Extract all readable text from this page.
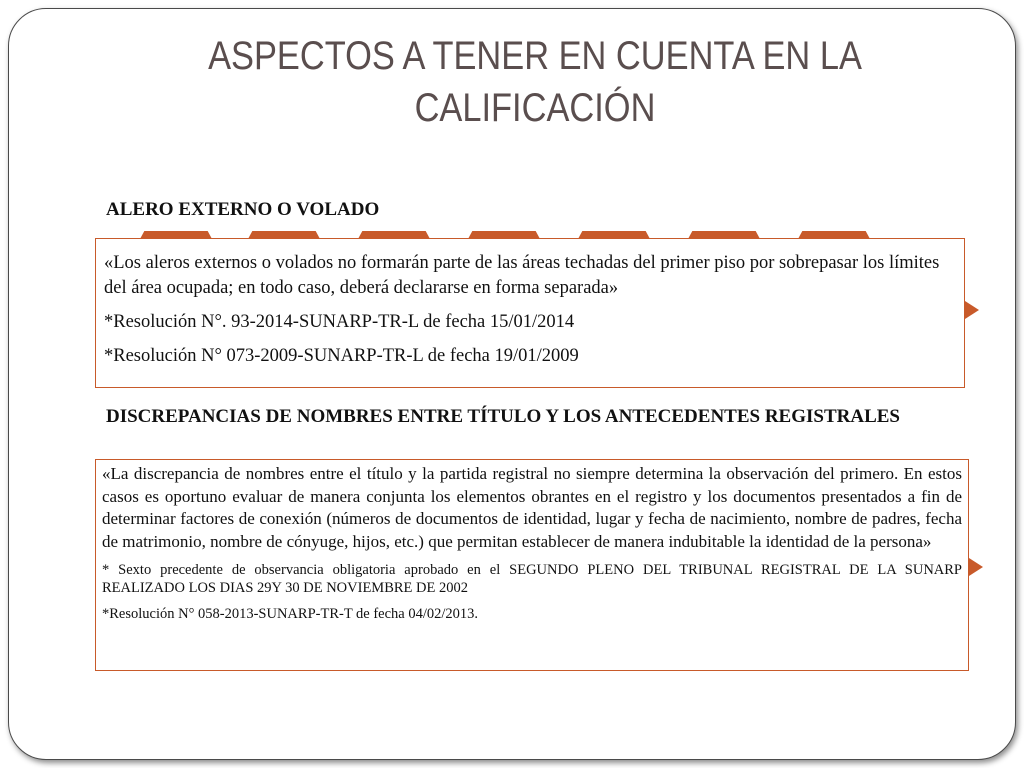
ASPECTOS A TENER EN CUENTA EN LA CALIFICACIÓN
ALERO EXTERNO O VOLADO

«Los aleros externos o volados no formarán parte de las áreas techadas del primer piso por sobrepasar los límites del área ocupada; en todo caso, deberá declararse en forma separada»

*Resolución N°. 93-2014-SUNARP-TR-L de fecha 15/01/2014

*Resolución N° 073-2009-SUNARP-TR-L de fecha 19/01/2009

DISCREPANCIAS DE NOMBRES ENTRE TÍTULO Y LOS ANTECEDENTES REGISTRALES

«La discrepancia de nombres entre el título y la partida registral no siempre determina la observación del primero. En estos casos es oportuno evaluar de manera conjunta los elementos obrantes en el registro y los documentos presentados a fin de determinar factores de conexión (números de documentos de identidad, lugar y fecha de nacimiento, nombre de padres, fecha de matrimonio, nombre de cónyuge, hijos, etc.) que permitan establecer de manera indubitable la identidad de la persona»

* Sexto precedente de observancia obligatoria aprobado en el SEGUNDO PLENO DEL TRIBUNAL REGISTRAL DE LA SUNARP REALIZADO LOS DIAS 29Y 30 DE NOVIEMBRE DE 2002

*Resolución N° 058-2013-SUNARP-TR-T de fecha 04/02/2013.
